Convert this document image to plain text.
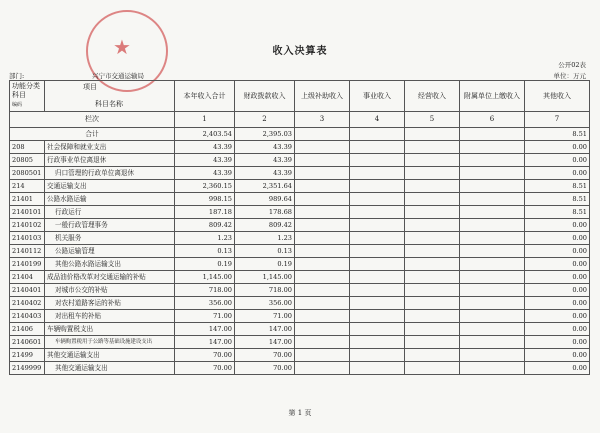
★	收入决算表
公开02表
部门:	兴宁市交通运输局	单位：万元
功能分类科目
编码	项目
科目名称	本年收入合计	财政拨款收入	上级补助收入	事业收入	经营收入	附属单位上缴收入	其他收入
栏次		1	2	3	4	5	6	7
合计		2,403.54	2,395.03					8.51
208	社会保障和就业支出	43.39	43.39					0.00
20805	行政事业单位离退休	43.39	43.39					0.00
2080501	归口管理的行政单位离退休	43.39	43.39					0.00
214	交通运输支出	2,360.15	2,351.64					8.51
21401	公路水路运输	998.15	989.64					8.51
2140101	行政运行	187.18	178.68					8.51
2140102	一般行政管理事务	809.42	809.42					0.00
2140103	机关服务	1.23	1.23					0.00
2140112	公路运输管理	0.13	0.13					0.00
2140199	其他公路水路运输支出	0.19	0.19					0.00
21404	成品油价格改革对交通运输的补贴	1,145.00	1,145.00					0.00
2140401	对城市公交的补贴	718.00	718.00					0.00
2140402	对农村道路客运的补贴	356.00	356.00					0.00
2140403	对出租车的补贴	71.00	71.00					0.00
21406	车辆购置税支出	147.00	147.00					0.00
2140601	车辆购置税用于公路等基础设施建设支出	147.00	147.00					0.00
21499	其他交通运输支出	70.00	70.00					0.00
2149999	其他交通运输支出	70.00	70.00					0.00
第 1 页
